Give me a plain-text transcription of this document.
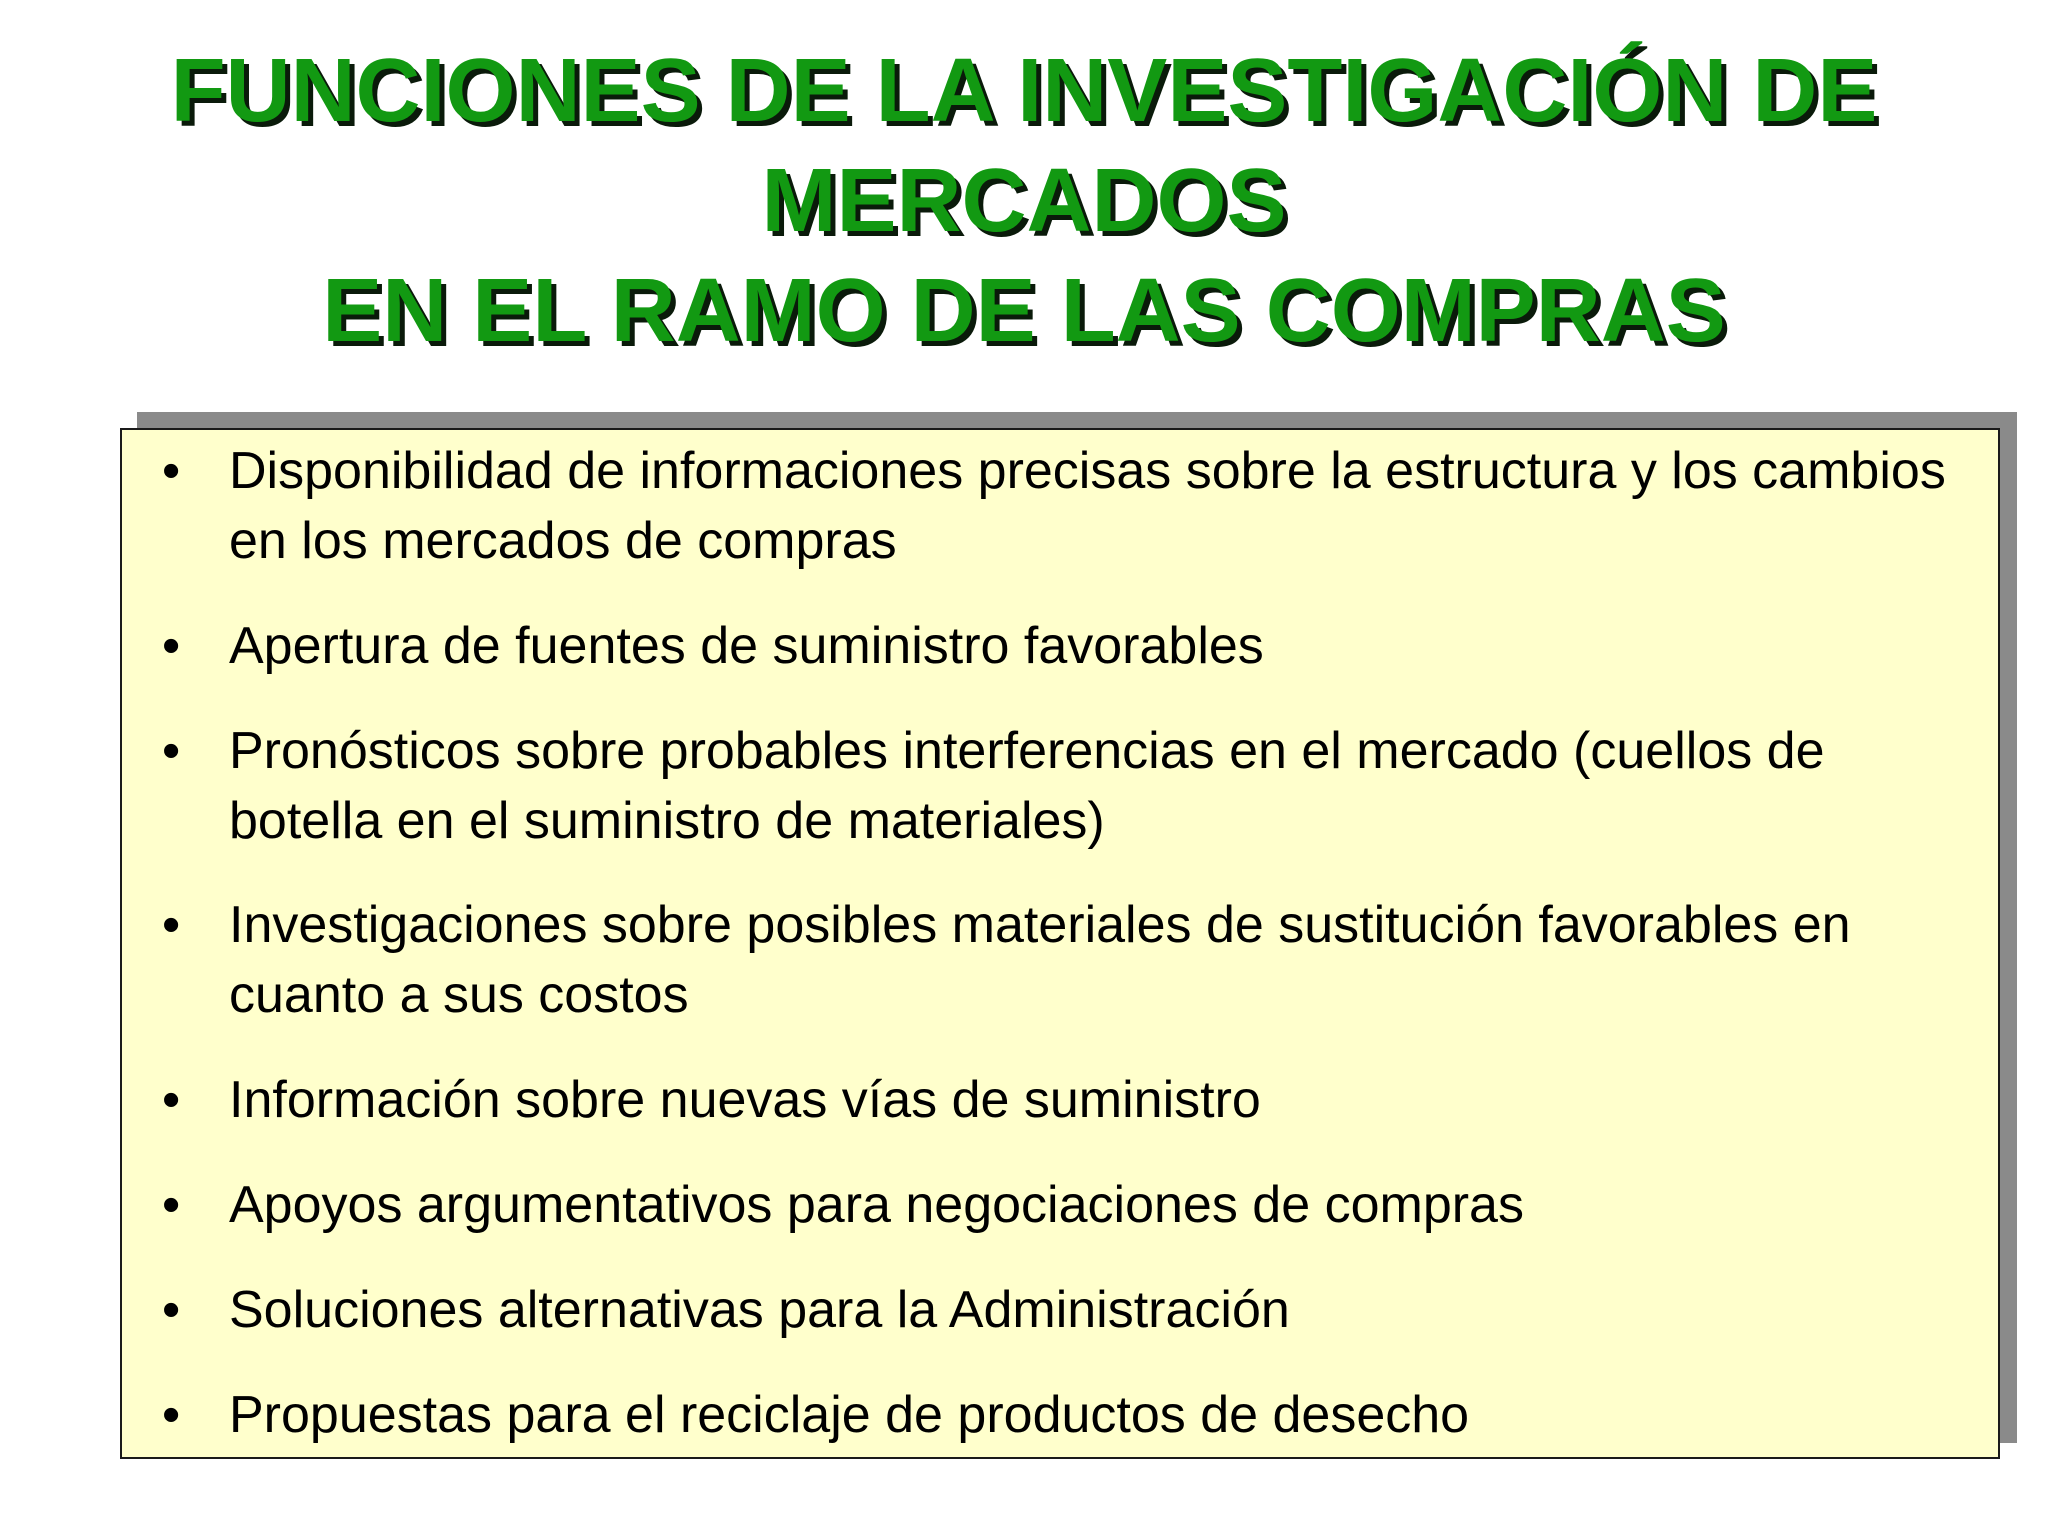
FUNCIONES DE LA INVESTIGACIÓN DE
MERCADOS
EN EL RAMO DE LAS COMPRAS
• Disponibilidad de informaciones precisas sobre la estructura y los cambios en los mercados de compras
• Apertura de fuentes de suministro favorables
• Pronósticos sobre probables interferencias en el mercado (cuellos de botella en el suministro de materiales)
• Investigaciones sobre posibles materiales de sustitución favorables en cuanto a sus costos
• Información sobre nuevas vías de suministro
• Apoyos argumentativos para negociaciones de compras
• Soluciones alternativas para la Administración
• Propuestas para el reciclaje de productos de desecho
